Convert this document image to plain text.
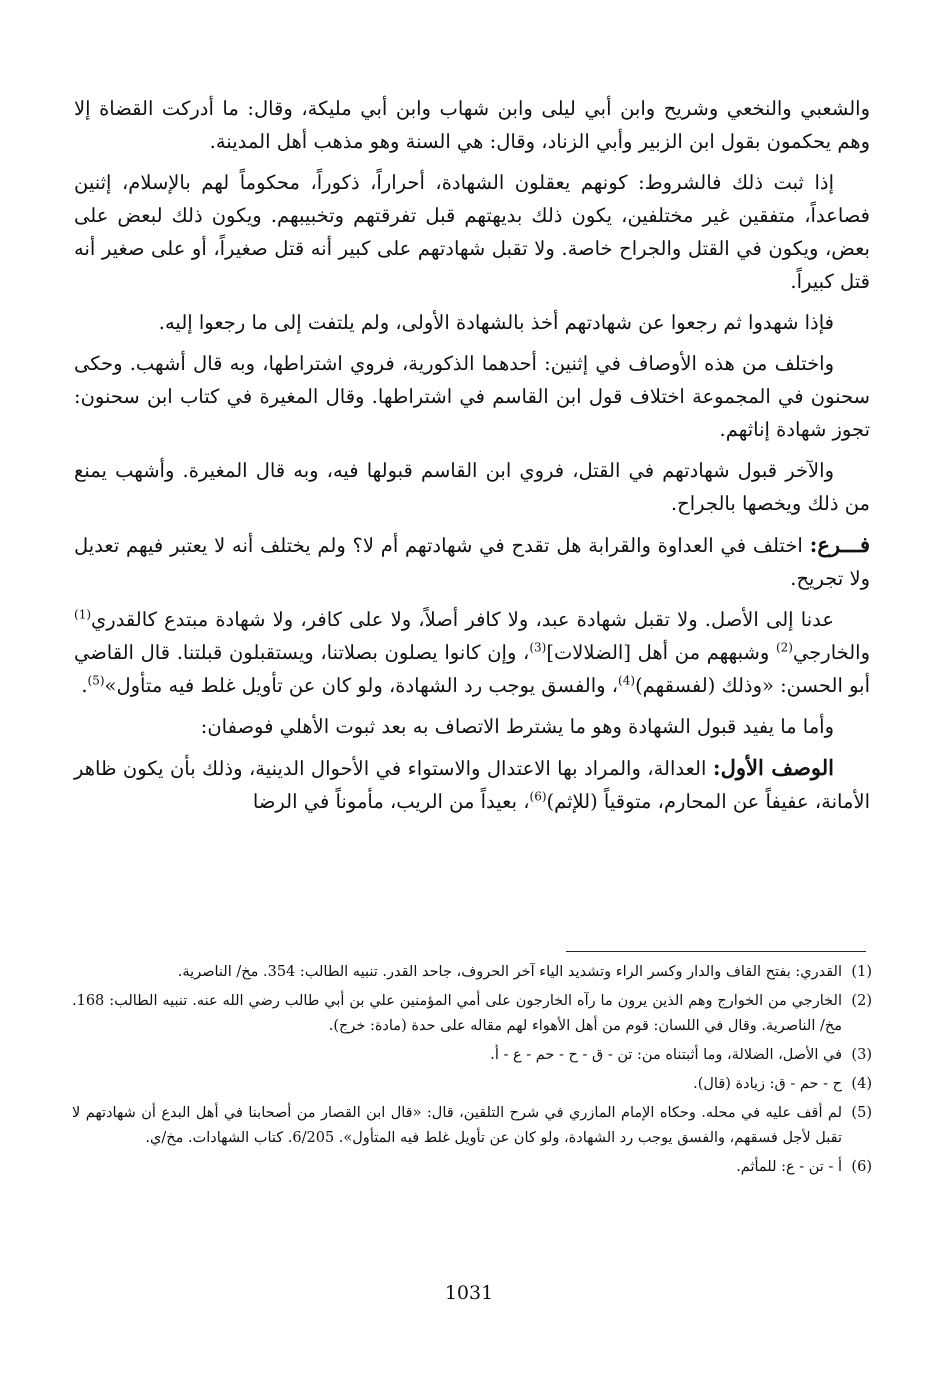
والشعبي والنخعي وشريح وابن أبي ليلى وابن شهاب وابن أبي مليكة، وقال: ما أدركت القضاة إلا وهم يحكمون بقول ابن الزبير وأبي الزناد، وقال: هي السنة وهو مذهب أهل المدينة.

إذا ثبت ذلك فالشروط: كونهم يعقلون الشهادة، أحراراً، ذكوراً، محكوماً لهم بالإسلام، إثنين فصاعداً، متفقين غير مختلفين، يكون ذلك بديهتهم قبل تفرقتهم وتخبيبهم. ويكون ذلك لبعض على بعض، ويكون في القتل والجراح خاصة. ولا تقبل شهادتهم على كبير أنه قتل صغيراً، أو على صغير أنه قتل كبيراً.

فإذا شهدوا ثم رجعوا عن شهادتهم أخذ بالشهادة الأولى، ولم يلتفت إلى ما رجعوا إليه.

واختلف من هذه الأوصاف في إثنين: أحدهما الذكورية، فروي اشتراطها، وبه قال أشهب. وحكى سحنون في المجموعة اختلاف قول ابن القاسم في اشتراطها. وقال المغيرة في كتاب ابن سحنون: تجوز شهادة إناثهم.

والآخر قبول شهادتهم في القتل، فروي ابن القاسم قبولها فيه، وبه قال المغيرة. وأشهب يمنع من ذلك ويخصها بالجراح.

فـــرع: اختلف في العداوة والقرابة هل تقدح في شهادتهم أم لا؟ ولم يختلف أنه لا يعتبر فيهم تعديل ولا تجريح.

عدنا إلى الأصل. ولا تقبل شهادة عبد، ولا كافر أصلاً، ولا على كافر، ولا شهادة مبتدع كالقدري$^{(1)}$ والخارجي$^{(2)}$ وشبههم من أهل [الضلالات]$^{(3)}$، وإن كانوا يصلون بصلاتنا، ويستقبلون قبلتنا. قال القاضي أبو الحسن: «وذلك (لفسقهم)$^{(4)}$، والفسق يوجب رد الشهادة، ولو كان عن تأويل غلط فيه متأول»$^{(5)}$.

وأما ما يفيد قبول الشهادة وهو ما يشترط الاتصاف به بعد ثبوت الأهلي فوصفان:

الوصف الأول: العدالة، والمراد بها الاعتدال والاستواء في الأحوال الدينية، وذلك بأن يكون ظاهر الأمانة، عفيفاً عن المحارم، متوقياً (للإثم)$^{(6)}$، بعيداً من الريب، مأموناً في الرضا

(1)
القدري: بفتح القاف والدار وكسر الراء وتشديد الياء آخر الحروف، جاحد القدر. تنبيه الطالب: 354. مخ/ الناصرية.
(2)
الخارجي من الخوارج وهم الذين يرون ما رآه الخارجون على أمي المؤمنين علي بن أبي طالب رضي الله عنه. تنبيه الطالب: 168. مخ/ الناصرية. وقال في اللسان: قوم من أهل الأهواء لهم مقاله على حدة (مادة: خرج).
(3)
في الأصل، الضلالة، وما أثبتناه من: تن - ق - ح - حم - ع - أ.
(4)
ح - حم - ق: زيادة (قال).
(5)
لم أقف عليه في محله. وحكاه الإمام المازري في شرح التلقين، قال: «قال ابن القصار من أصحابنا في أهل البدع أن شهادتهم لا تقبل لأجل فسقهم، والفسق يوجب رد الشهادة، ولو كان عن تأويل غلط فيه المتأول». 6/205. كتاب الشهادات. مخ/ي.
(6)
أ - تن - ع: للمأثم.
1031
